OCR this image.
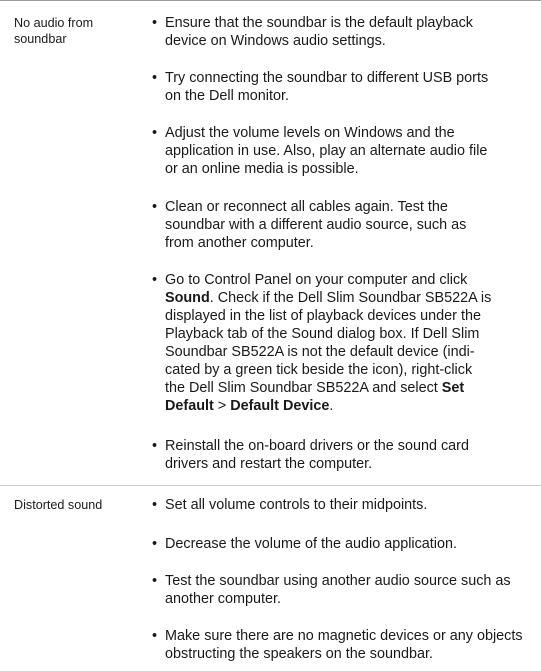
No audio from
soundbar
• Ensure that the soundbar is the default playback
device on Windows audio settings.
• Try connecting the soundbar to different USB ports
on the Dell monitor.
• Adjust the volume levels on Windows and the
application in use. Also, play an alternate audio file
or an online media is possible.
• Clean or reconnect all cables again. Test the
soundbar with a different audio source, such as
from another computer.
• Go to Control Panel on your computer and click
Sound. Check if the Dell Slim Soundbar SB522A is
displayed in the list of playback devices under the
Playback tab of the Sound dialog box. If Dell Slim
Soundbar SB522A is not the default device (indi-
cated by a green tick beside the icon), right-click
the Dell Slim Soundbar SB522A and select Set
Default > Default Device.
• Reinstall the on-board drivers or the sound card
drivers and restart the computer.
Distorted sound	• Set all volume controls to their midpoints.
• Decrease the volume of the audio application.
• Test the soundbar using another audio source such as
another computer.
• Make sure there are no magnetic devices or any objects
obstructing the speakers on the soundbar.
